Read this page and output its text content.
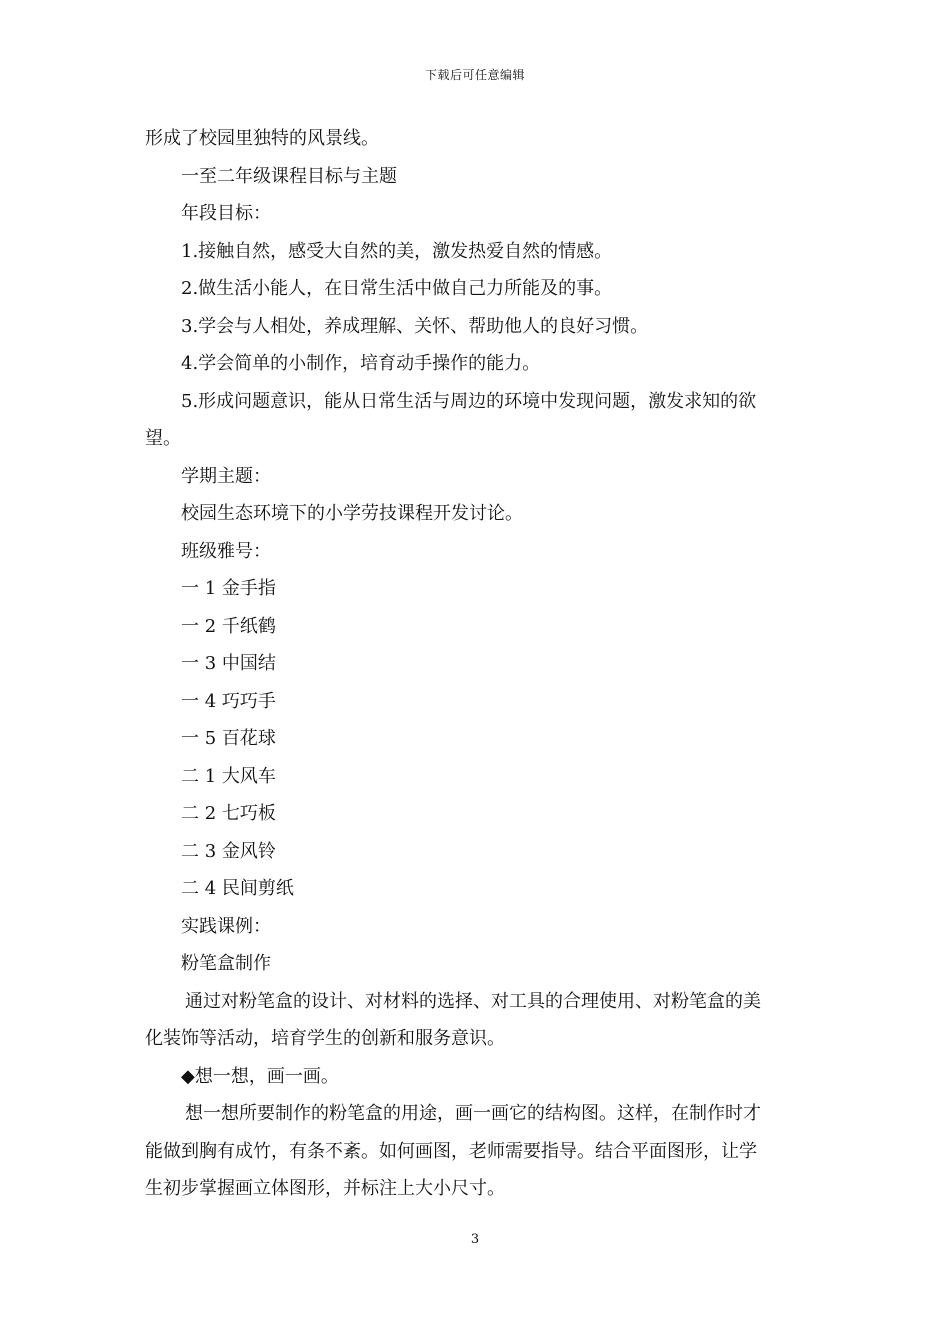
下载后可任意编辑
形成了校园里独特的风景线。
一至二年级课程目标与主题
年段目标：
1.接触自然，感受大自然的美，激发热爱自然的情感。
2.做生活小能人，在日常生活中做自己力所能及的事。
3.学会与人相处，养成理解、关怀、帮助他人的良好习惯。
4.学会简单的小制作，培育动手操作的能力。
5.形成问题意识，能从日常生活与周边的环境中发现问题，激发求知的欲
望。
学期主题：
校园生态环境下的小学劳技课程开发讨论。
班级雅号：
一 1 金手指
一 2 千纸鹤
一 3 中国结
一 4 巧巧手
一 5 百花球
二 1 大风车
二 2 七巧板
二 3 金风铃
二 4 民间剪纸
实践课例：
粉笔盒制作
通过对粉笔盒的设计、对材料的选择、对工具的合理使用、对粉笔盒的美
化装饰等活动，培育学生的创新和服务意识。
◆想一想，画一画。
想一想所要制作的粉笔盒的用途，画一画它的结构图。这样，在制作时才
能做到胸有成竹，有条不紊。如何画图，老师需要指导。结合平面图形，让学
生初步掌握画立体图形，并标注上大小尺寸。
3
